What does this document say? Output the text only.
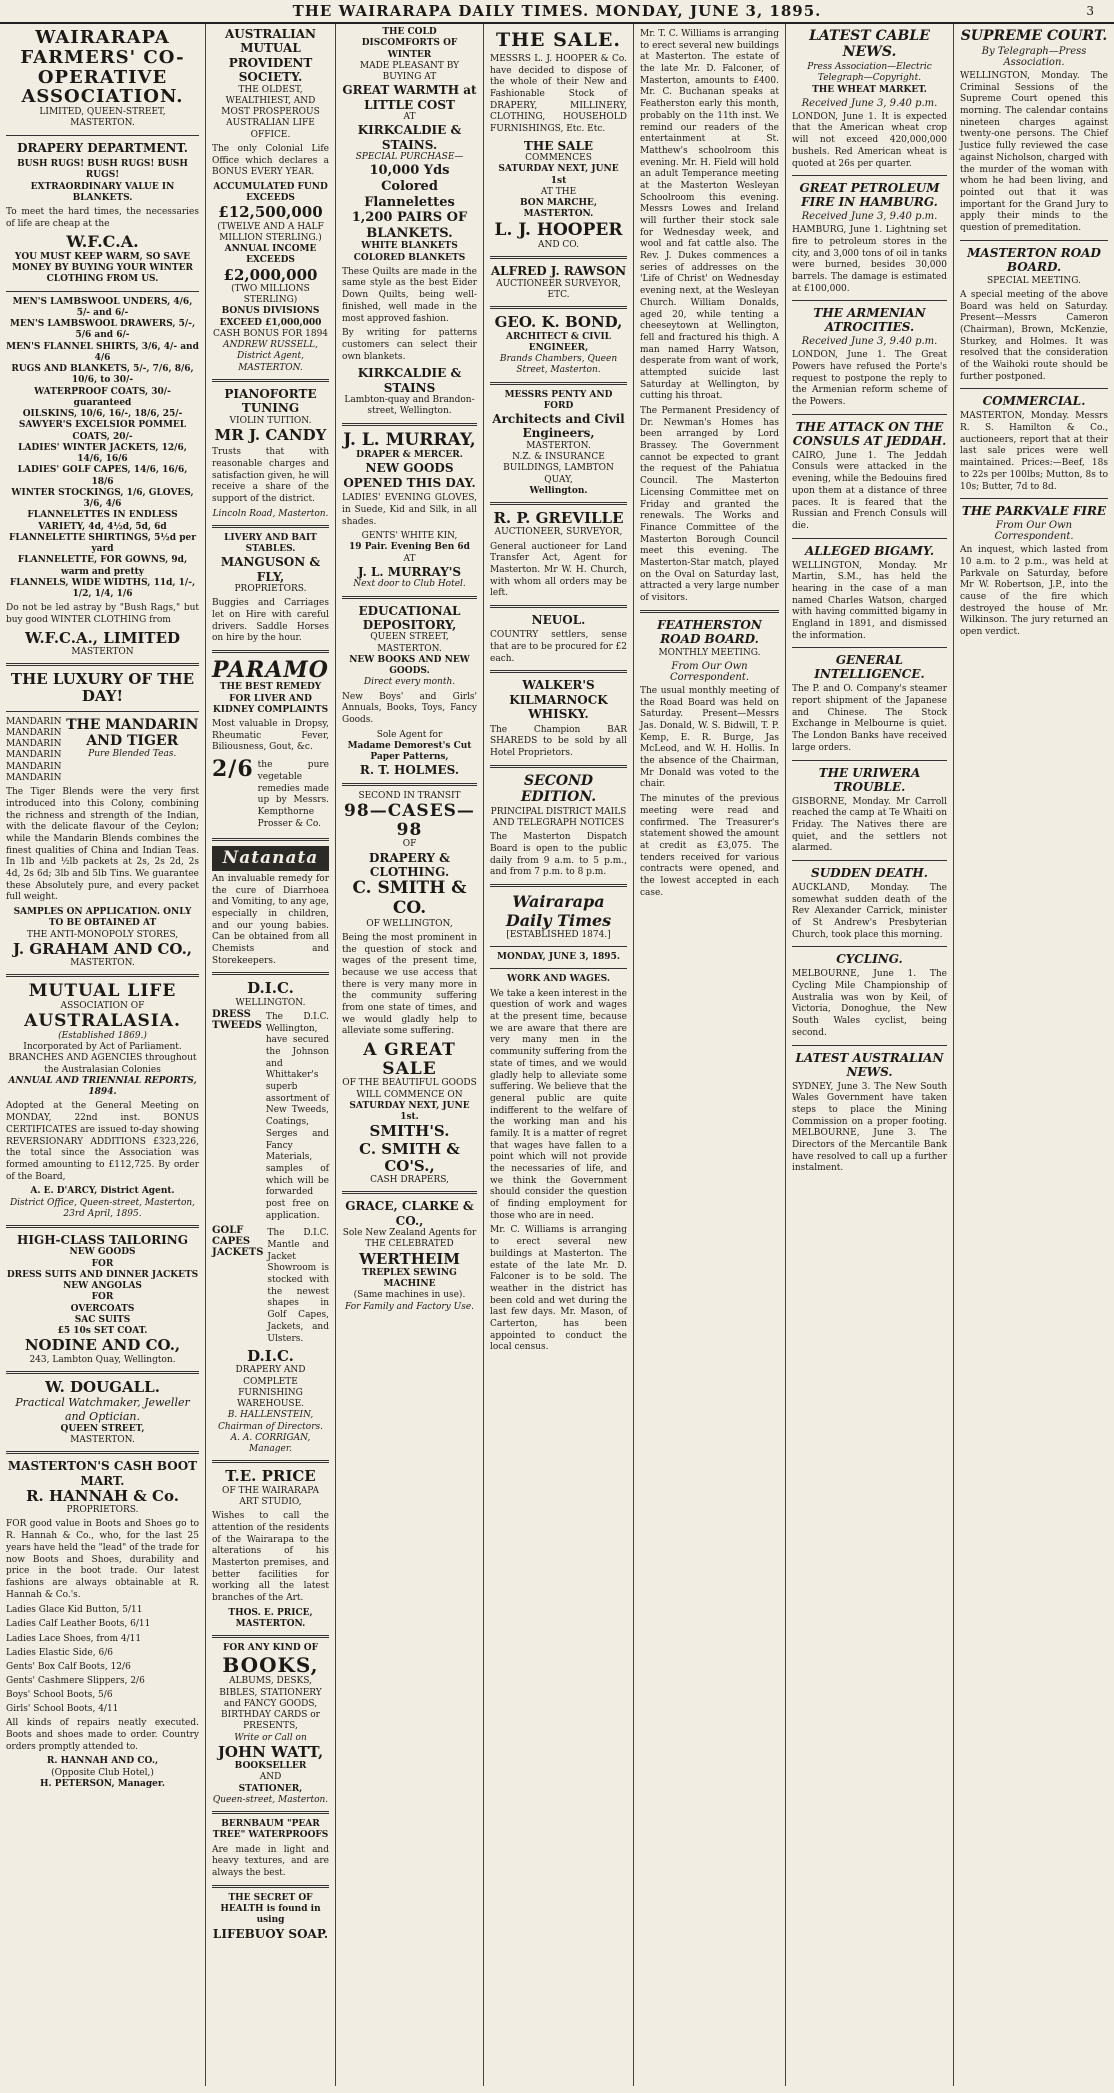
THE WAIRARAPA DAILY TIMES. MONDAY, JUNE 3, 1895.	3
WAIRARAPA FARMERS' CO-OPERATIVE ASSOCIATION.
LIMITED, QUEEN-STREET, MASTERTON.
DRAPERY DEPARTMENT.
BUSH RUGS! BUSH RUGS! BUSH RUGS!
EXTRAORDINARY VALUE IN BLANKETS.
To meet the hard times, the necessaries of life are cheap at the
W.F.C.A.
YOU MUST KEEP WARM, SO SAVE MONEY BY BUYING YOUR WINTER CLOTHING FROM US.
MEN'S LAMBSWOOL UNDERS, 4/6, 5/- and 6/-
MEN'S LAMBSWOOL DRAWERS, 5/-, 5/6 and 6/-
MEN'S FLANNEL SHIRTS, 3/6, 4/- and 4/6
RUGS AND BLANKETS, 5/-, 7/6, 8/6, 10/6, to 30/-
WATERPROOF COATS, 30/- guaranteed
OILSKINS, 10/6, 16/-, 18/6, 25/-
SAWYER'S EXCELSIOR POMMEL COATS, 20/-
LADIES' WINTER JACKETS, 12/6, 14/6, 16/6
LADIES' GOLF CAPES, 14/6, 16/6, 18/6
WINTER STOCKINGS, 1/6, GLOVES, 3/6, 4/6
FLANNELETTES IN ENDLESS VARIETY, 4d, 4½d, 5d, 6d
FLANNELETTE SHIRTINGS, 5½d per yard
FLANNELETTE, FOR GOWNS, 9d, warm and pretty
FLANNELS, WIDE WIDTHS, 11d, 1/-, 1/2, 1/4, 1/6
Do not be led astray by "Bush Rags," but buy good WINTER CLOTHING from
W.F.C.A., LIMITED
MASTERTON
THE LUXURY OF THE DAY!
MANDARIN
MANDARIN
MANDARIN
MANDARIN
MANDARIN
MANDARIN
THE MANDARIN AND TIGER
Pure Blended Teas.
The Tiger Blends were the very first introduced into this Colony, combining the richness and strength of the Indian, with the delicate flavour of the Ceylon; while the Mandarin Blends combines the finest qualities of China and Indian Teas. In 1lb and ½lb packets at 2s, 2s 2d, 2s 4d, 2s 6d; 3lb and 5lb Tins. We guarantee these Absolutely pure, and every packet full weight.
SAMPLES ON APPLICATION. ONLY TO BE OBTAINED AT
THE ANTI-MONOPOLY STORES,
J. GRAHAM AND CO.,
MASTERTON.
MUTUAL LIFE
ASSOCIATION OF
AUSTRALASIA.
(Established 1869.)
Incorporated by Act of Parliament.
BRANCHES AND AGENCIES throughout the Australasian Colonies
ANNUAL AND TRIENNIAL REPORTS, 1894.
Adopted at the General Meeting on MONDAY, 22nd inst. BONUS CERTIFICATES are issued to-day showing REVERSIONARY ADDITIONS £323,226, the total since the Association was formed amounting to £112,725. By order of the Board,
A. E. D'ARCY, District Agent.
District Office, Queen-street, Masterton, 23rd April, 1895.
HIGH-CLASS TAILORING
NEW GOODS
FOR
DRESS SUITS AND DINNER JACKETS
NEW ANGOLAS
FOR
OVERCOATS
SAC SUITS
£5 10s SET COAT.
NODINE AND CO.,
243, Lambton Quay, Wellington.
W. DOUGALL.
Practical Watchmaker, Jeweller and Optician.
QUEEN STREET,
MASTERTON.
MASTERTON'S CASH BOOT MART.
R. HANNAH & Co.
PROPRIETORS.
FOR good value in Boots and Shoes go to R. Hannah & Co., who, for the last 25 years have held the "lead" of the trade for now Boots and Shoes, durability and price in the boot trade. Our latest fashions are always obtainable at R. Hannah & Co.'s.
Ladies Glace Kid Button, 5/11
Ladies Calf Leather Boots, 6/11
Ladies Lace Shoes, from 4/11
Ladies Elastic Side, 6/6
Gents' Box Calf Boots, 12/6
Gents' Cashmere Slippers, 2/6
Boys' School Boots, 5/6
Girls' School Boots, 4/11
All kinds of repairs neatly executed. Boots and shoes made to order. Country orders promptly attended to.
R. HANNAH AND CO.,
(Opposite Club Hotel,)
H. PETERSON, Manager.
AUSTRALIAN MUTUAL PROVIDENT SOCIETY.
THE OLDEST, WEALTHIEST, AND MOST PROSPEROUS AUSTRALIAN LIFE OFFICE.
The only Colonial Life Office which declares a BONUS EVERY YEAR.
ACCUMULATED FUND EXCEEDS
£12,500,000
(TWELVE AND A HALF MILLION STERLING.)
ANNUAL INCOME EXCEEDS
£2,000,000
(TWO MILLIONS STERLING)
BONUS DIVISIONS EXCEED £1,000,000
CASH BONUS FOR 1894
ANDREW RUSSELL, District Agent, MASTERTON.
PIANOFORTE TUNING
VIOLIN TUITION.
MR J. CANDY
Trusts that with reasonable charges and satisfaction given, he will receive a share of the support of the district.
Lincoln Road, Masterton.
LIVERY AND BAIT STABLES.
MANGUSON & FLY,
PROPRIETORS.
Buggies and Carriages let on Hire with careful drivers. Saddle Horses on hire by the hour.
PARAMO
THE BEST REMEDY FOR LIVER AND KIDNEY COMPLAINTS
Most valuable in Dropsy, Rheumatic Fever, Biliousness, Gout, &c.
2/6 the pure vegetable remedies made up by Messrs. Kempthorne Prosser & Co.
Natanata
An invaluable remedy for the cure of Diarrhoea and Vomiting, to any age, especially in children, and our young babies. Can be obtained from all Chemists and Storekeepers.
D.I.C.
WELLINGTON.
DRESS TWEEDS
The D.I.C. Wellington, have secured the Johnson and Whittaker's superb assortment of New Tweeds, Coatings, Serges and Fancy Materials, samples of which will be forwarded post free on application.
GOLF CAPES JACKETS
The D.I.C. Mantle and Jacket Showroom is stocked with the newest shapes in Golf Capes, Jackets, and Ulsters.
D.I.C.
DRAPERY AND COMPLETE FURNISHING WAREHOUSE.
B. HALLENSTEIN, Chairman of Directors. A. A. CORRIGAN, Manager.
T.E. PRICE
OF THE WAIRARAPA ART STUDIO,
Wishes to call the attention of the residents of the Wairarapa to the alterations of his Masterton premises, and better facilities for working all the latest branches of the Art.
THOS. E. PRICE, MASTERTON.
FOR ANY KIND OF
BOOKS,
ALBUMS, DESKS, BIBLES, STATIONERY and FANCY GOODS,
BIRTHDAY CARDS or PRESENTS,
Write or Call on
JOHN WATT,
BOOKSELLER
AND
STATIONER,
Queen-street, Masterton.
BERNBAUM "PEAR TREE" WATERPROOFS
Are made in light and heavy textures, and are always the best.
THE SECRET OF HEALTH is found in using
LIFEBUOY SOAP.
THE COLD DISCOMFORTS OF WINTER
MADE PLEASANT BY BUYING AT
GREAT WARMTH at LITTLE COST
AT
KIRKCALDIE & STAINS.
SPECIAL PURCHASE—
10,000 Yds Colored Flannelettes
1,200 PAIRS OF BLANKETS.
WHITE BLANKETS
COLORED BLANKETS
These Quilts are made in the same style as the best Eider Down Quilts, being well-finished, well made in the most approved fashion.
By writing for patterns customers can select their own blankets.
KIRKCALDIE & STAINS
Lambton-quay and Brandon-street, Wellington.
J. L. MURRAY,
DRAPER & MERCER.
NEW GOODS OPENED THIS DAY.
LADIES' EVENING GLOVES, in Suede, Kid and Silk, in all shades.
GENTS' WHITE KIN,
19 Pair. Evening Ben 6d
AT
J. L. MURRAY'S
Next door to Club Hotel.
EDUCATIONAL DEPOSITORY,
QUEEN STREET, MASTERTON.
NEW BOOKS AND NEW GOODS.
Direct every month.
New Boys' and Girls' Annuals, Books, Toys, Fancy Goods.
Sole Agent for
Madame Demorest's Cut Paper Patterns,
R. T. HOLMES.
SECOND IN TRANSIT
98—CASES—98
OF
DRAPERY & CLOTHING.
C. SMITH & CO.
OF WELLINGTON,
Being the most prominent in the question of stock and wages of the present time, because we use access that there is very many more in the community suffering from one state of times, and we would gladly help to alleviate some suffering.
A GREAT SALE
OF THE BEAUTIFUL GOODS
WILL COMMENCE ON
SATURDAY NEXT, JUNE 1st.
SMITH'S.
C. SMITH & CO'S.,
CASH DRAPERS,
GRACE, CLARKE & CO.,
Sole New Zealand Agents for
THE CELEBRATED
WERTHEIM
TREPLEX SEWING MACHINE
(Same machines in use).
For Family and Factory Use.
THE SALE.
MESSRS L. J. HOOPER & Co. have decided to dispose of the whole of their New and Fashionable Stock of DRAPERY, MILLINERY, CLOTHING, HOUSEHOLD FURNISHINGS, Etc. Etc.
THE SALE
COMMENCES
SATURDAY NEXT, JUNE 1st
AT THE
BON MARCHE, MASTERTON.
L. J. HOOPER
AND CO.
ALFRED J. RAWSON
AUCTIONEER SURVEYOR, ETC.
GEO. K. BOND,
ARCHITECT & CIVIL ENGINEER,
Brands Chambers, Queen Street, Masterton.
MESSRS PENTY AND FORD
Architects and Civil Engineers,
MASTERTON.
N.Z. & INSURANCE BUILDINGS, LAMBTON QUAY,
Wellington.
R. P. GREVILLE
AUCTIONEER, SURVEYOR,
General auctioneer for Land Transfer Act, Agent for Masterton. Mr W. H. Church, with whom all orders may be left.
NEUOL.
COUNTRY settlers, sense that are to be procured for £2 each.
WALKER'S KILMARNOCK WHISKY.
The Champion BAR SHAREDS to be sold by all Hotel Proprietors.
SECOND EDITION.
PRINCIPAL DISTRICT MAILS AND TELEGRAPH NOTICES
The Masterton Dispatch Board is open to the public daily from 9 a.m. to 5 p.m., and from 7 p.m. to 8 p.m.
Wairarapa Daily Times
[ESTABLISHED 1874.]
MONDAY, JUNE 3, 1895.
WORK AND WAGES.
We take a keen interest in the question of work and wages at the present time, because we are aware that there are very many men in the community suffering from the state of times, and we would gladly help to alleviate some suffering. We believe that the general public are quite indifferent to the welfare of the working man and his family. It is a matter of regret that wages have fallen to a point which will not provide the necessaries of life, and we think the Government should consider the question of finding employment for those who are in need.
Mr. C. Williams is arranging to erect several new buildings at Masterton. The estate of the late Mr. D. Falconer is to be sold. The weather in the district has been cold and wet during the last few days. Mr. Mason, of Carterton, has been appointed to conduct the local census.
Mr. T. C. Williams is arranging to erect several new buildings at Masterton. The estate of the late Mr. D. Falconer, of Masterton, amounts to £400. Mr. C. Buchanan speaks at Featherston early this month, probably on the 11th inst. We remind our readers of the entertainment at St. Matthew's schoolroom this evening. Mr. H. Field will hold an adult Temperance meeting at the Masterton Wesleyan Schoolroom this evening. Messrs Lowes and Ireland will further their stock sale for Wednesday week, and wool and fat cattle also. The Rev. J. Dukes commences a series of addresses on the 'Life of Christ' on Wednesday evening next, at the Wesleyan Church. William Donalds, aged 20, while tenting a cheeseytown at Wellington, fell and fractured his thigh. A man named Harry Watson, desperate from want of work, attempted suicide last Saturday at Wellington, by cutting his throat.
The Permanent Presidency of Dr. Newman's Homes has been arranged by Lord Brassey. The Government cannot be expected to grant the request of the Pahiatua Council. The Masterton Licensing Committee met on Friday and granted the renewals. The Works and Finance Committee of the Masterton Borough Council meet this evening. The Masterton-Star match, played on the Oval on Saturday last, attracted a very large number of visitors.
FEATHERSTON ROAD BOARD.
MONTHLY MEETING.
From Our Own Correspondent.
The usual monthly meeting of the Road Board was held on Saturday. Present—Messrs Jas. Donald, W. S. Bidwill, T. P. Kemp, E. R. Burge, Jas McLeod, and W. H. Hollis. In the absence of the Chairman, Mr Donald was voted to the chair.
The minutes of the previous meeting were read and confirmed. The Treasurer's statement showed the amount at credit as £3,075. The tenders received for various contracts were opened, and the lowest accepted in each case.
LATEST CABLE NEWS.
Press Association—Electric Telegraph—Copyright.
THE WHEAT MARKET.
Received June 3, 9.40 p.m.
LONDON, June 1. It is expected that the American wheat crop will not exceed 420,000,000 bushels. Red American wheat is quoted at 26s per quarter.
GREAT PETROLEUM FIRE IN HAMBURG.
Received June 3, 9.40 p.m.
HAMBURG, June 1. Lightning set fire to petroleum stores in the city, and 3,000 tons of oil in tanks were burned, besides 30,000 barrels. The damage is estimated at £100,000.
THE ARMENIAN ATROCITIES.
Received June 3, 9.40 p.m.
LONDON, June 1. The Great Powers have refused the Porte's request to postpone the reply to the Armenian reform scheme of the Powers.
THE ATTACK ON THE CONSULS AT JEDDAH.
CAIRO, June 1. The Jeddah Consuls were attacked in the evening, while the Bedouins fired upon them at a distance of three paces. It is feared that the Russian and French Consuls will die.
ALLEGED BIGAMY.
WELLINGTON, Monday. Mr Martin, S.M., has held the hearing in the case of a man named Charles Watson, charged with having committed bigamy in England in 1891, and dismissed the information.
GENERAL INTELLIGENCE.
The P. and O. Company's steamer report shipment of the Japanese and Chinese. The Stock Exchange in Melbourne is quiet. The London Banks have received large orders.
THE URIWERA TROUBLE.
GISBORNE, Monday. Mr Carroll reached the camp at Te Whaiti on Friday. The Natives there are quiet, and the settlers not alarmed.
SUDDEN DEATH.
AUCKLAND, Monday. The somewhat sudden death of the Rev Alexander Carrick, minister of St Andrew's Presbyterian Church, took place this morning.
CYCLING.
MELBOURNE, June 1. The Cycling Mile Championship of Australia was won by Keil, of Victoria, Donoghue, the New South Wales cyclist, being second.
LATEST AUSTRALIAN NEWS.
SYDNEY, June 3. The New South Wales Government have taken steps to place the Mining Commission on a proper footing. MELBOURNE, June 3. The Directors of the Mercantile Bank have resolved to call up a further instalment.
SUPREME COURT.
By Telegraph—Press Association.
WELLINGTON, Monday. The Criminal Sessions of the Supreme Court opened this morning. The calendar contains nineteen charges against twenty-one persons. The Chief Justice fully reviewed the case against Nicholson, charged with the murder of the woman with whom he had been living, and pointed out that it was important for the Grand Jury to apply their minds to the question of premeditation.
MASTERTON ROAD BOARD.
SPECIAL MEETING.
A special meeting of the above Board was held on Saturday. Present—Messrs Cameron (Chairman), Brown, McKenzie, Sturkey, and Holmes. It was resolved that the consideration of the Waihoki route should be further postponed.
COMMERCIAL.
MASTERTON, Monday. Messrs R. S. Hamilton & Co., auctioneers, report that at their last sale prices were well maintained. Prices:—Beef, 18s to 22s per 100lbs; Mutton, 8s to 10s; Butter, 7d to 8d.
THE PARKVALE FIRE
From Our Own Correspondent.
An inquest, which lasted from 10 a.m. to 2 p.m., was held at Parkvale on Saturday, before Mr W. Robertson, J.P., into the cause of the fire which destroyed the house of Mr. Wilkinson. The jury returned an open verdict.
